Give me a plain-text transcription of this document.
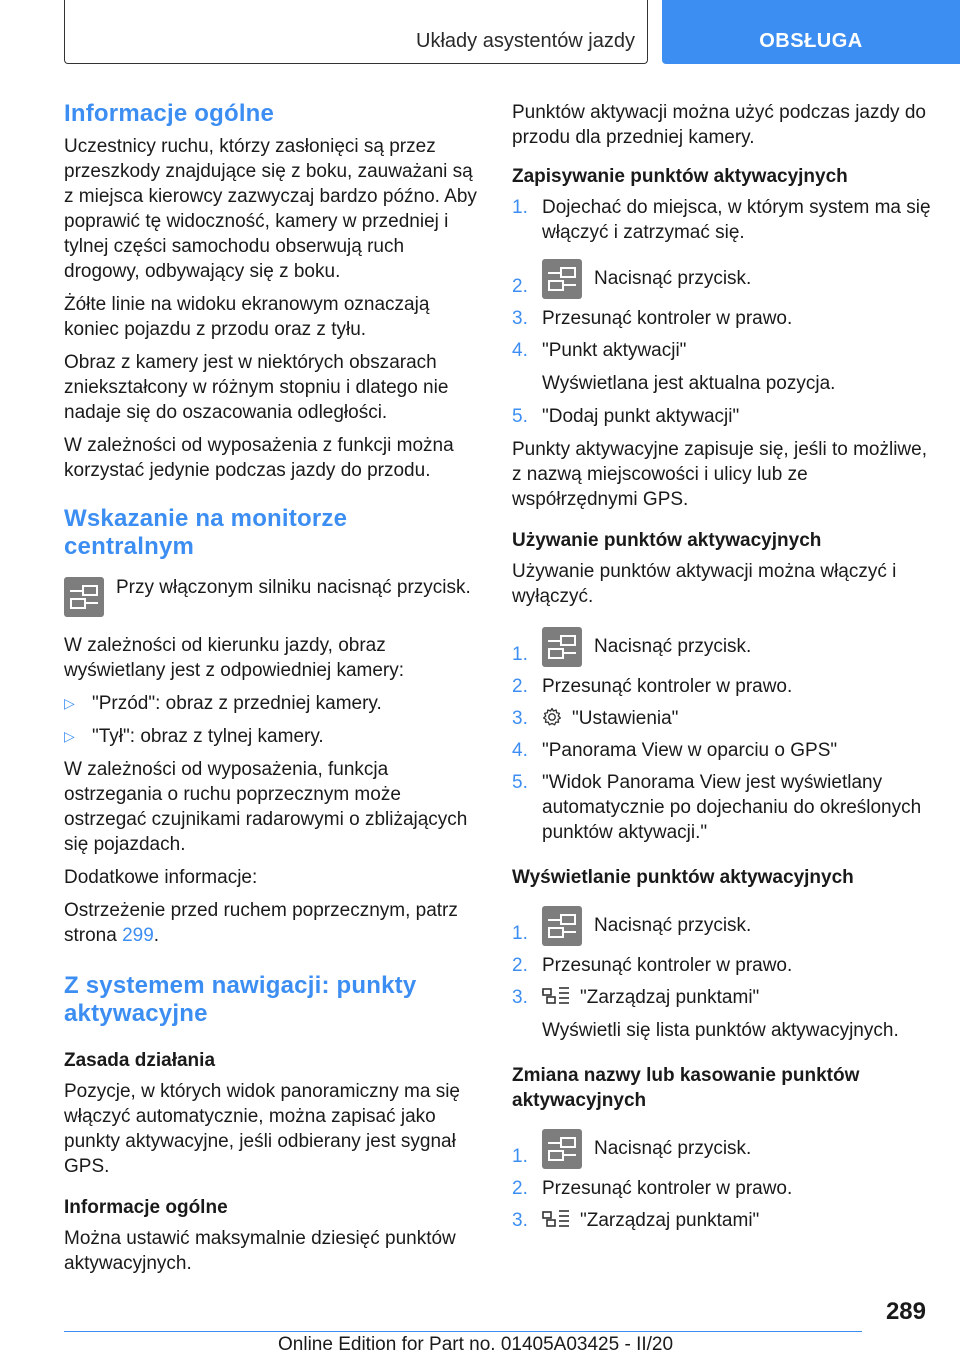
Układy asystentów jazdy	OBSŁUGA
Informacje ogólne

Uczestnicy ruchu, którzy zasłonięci są przez przeszkody znajdujące się z boku, zauważani są z miejsca kierowcy zazwyczaj bardzo późno. Aby poprawić tę widoczność, kamery w przedniej i tylnej części samochodu obserwują ruch drogowy, odbywający się z boku.

Żółte linie na widoku ekranowym oznaczają koniec pojazdu z przodu oraz z tyłu.

Obraz z kamery jest w niektórych obszarach zniekształcony w różnym stopniu i dlatego nie nadaje się do oszacowania odległości.

W zależności od wyposażenia z funkcji można korzystać jedynie podczas jazdy do przodu.

Wskazanie na monitorze centralnym

Przy włączonym silniku nacisnąć przycisk.

W zależności od kierunku jazdy, obraz wyświetlany jest z odpowiedniej kamery:

▷ "Przód": obraz z przedniej kamery.
▷ "Tył": obraz z tylnej kamery.

W zależności od wyposażenia, funkcja ostrzegania o ruchu poprzecznym może ostrzegać czujnikami radarowymi o zbliżających się pojazdach.

Dodatkowe informacje:

Ostrzeżenie przed ruchem poprzecznym, patrz strona 299.

Z systemem nawigacji: punkty aktywacyjne
Zasada działania

Pozycje, w których widok panoramiczny ma się włączyć automatycznie, można zapisać jako punkty aktywacyjne, jeśli odbierany jest sygnał GPS.

Informacje ogólne

Można ustawić maksymalnie dziesięć punktów aktywacyjnych.

Punktów aktywacji można użyć podczas jazdy do przodu dla przedniej kamery.

Zapisywanie punktów aktywacyjnych
1. Dojechać do miejsca, w którym system ma się włączyć i zatrzymać się.
2.	Nacisnąć przycisk.
3. Przesunąć kontroler w prawo.
4. "Punkt aktywacji"
Wyświetlana jest aktualna pozycja.
5. "Dodaj punkt aktywacji"

Punkty aktywacyjne zapisuje się, jeśli to możliwe, z nazwą miejscowości i ulicy lub ze współrzędnymi GPS.

Używanie punktów aktywacyjnych

Używanie punktów aktywacji można włączyć i wyłączyć.

1.	Nacisnąć przycisk.
2. Przesunąć kontroler w prawo.
3.	"Ustawienia"
4. "Panorama View w oparciu o GPS"
5. "Widok Panorama View jest wyświetlany automatycznie po dojechaniu do określonych punktów aktywacji."
Wyświetlanie punktów aktywacyjnych
1.	Nacisnąć przycisk.
2. Przesunąć kontroler w prawo.
3.	"Zarządzaj punktami"
Wyświetli się lista punktów aktywacyjnych.
Zmiana nazwy lub kasowanie punktów aktywacyjnych
1.	Nacisnąć przycisk.
2. Przesunąć kontroler w prawo.
3.	"Zarządzaj punktami"
289
Online Edition for Part no. 01405A03425 - II/20
